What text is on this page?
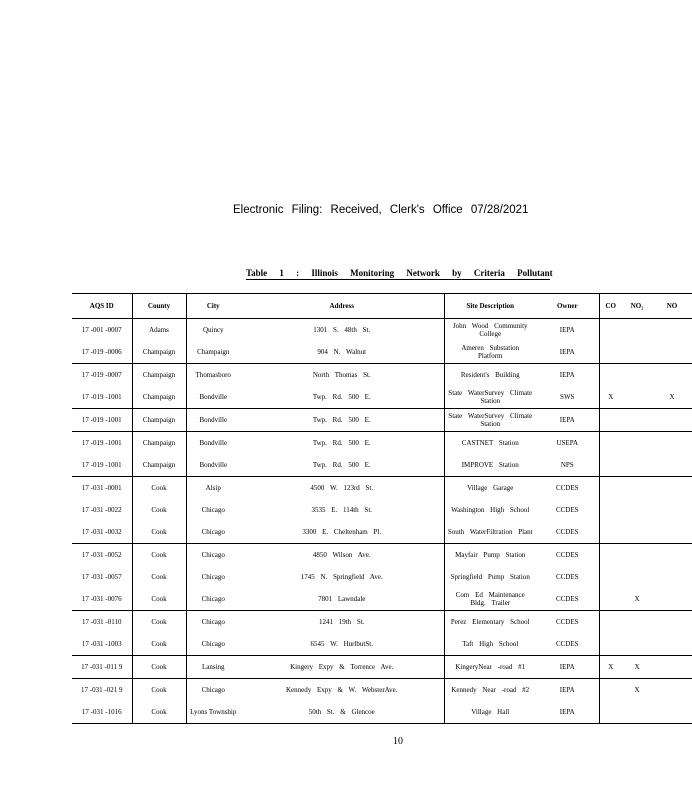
Electronic Filing: Received, Clerk's Office 07/28/2021
Table 1 : Illinois Monitoring Network by Criteria Pollutant
AQS ID	County	City	Address	Site Description	Owner	CO	NO₂	NO
17 -001 -0007	Adams	Quincy	1301 S. 48th St.	John Wood Community College	IEPA			
17 -019 -0006	Champaign	Champaign	904 N. Walnut	Ameren Substation Platform	IEPA			
17 -019 -0007	Champaign	Thomasboro	North Thomas St.	Resident's Building	IEPA			
17 -019 -1001	Champaign	Bondville	Twp. Rd. 500 E.	State WaterSurvey Climate Station	SWS	X		X
17 -019 -1001	Champaign	Bondville	Twp. Rd. 500 E.	State WaterSurvey Climate Station	IEPA			
17 -019 -1001	Champaign	Bondville	Twp. Rd. 500 E.	CASTNET Station	USEPA			
17 -019 -1001	Champaign	Bondville	Twp. Rd. 500 E.	IMPROVE Station	NPS			
17 -031 -0001	Cook	Alsip	4500 W. 123rd St.	Village Garage	CCDES			
17 -031 -0022	Cook	Chicago	3535 E. 114th St.	Washington High School	CCDES			
17 -031 -0032	Cook	Chicago	3300 E. Cheltenham Pl.	South WaterFiltration Plant	CCDES			
17 -031 -0052	Cook	Chicago	4850 Wilson Ave.	Mayfair Pump Station	CCDES			
17 -031 -0057	Cook	Chicago	1745 N. Springfield Ave.	Springfield Pump Station	CCDES			
17 -031 -0076	Cook	Chicago	7801 Lawndale	Com Ed Maintenance Bldg. Trailer	CCDES		X	
17 -031 -0110	Cook	Chicago	1241 19th St.	Perez Elementary School	CCDES			
17 -031 -1003	Cook	Chicago	6545 W. HurlbutSt.	Taft High School	CCDES			
17 -031 -011 9	Cook	Lansing	Kingery Expy & Torrence Ave.	KingeryNear -road #1	IEPA	X	X	
17 -031 -021 9	Cook	Chicago	Kennedy Expy & W. WebsterAve.	Kennedy Near -road #2	IEPA		X	
17 -031 -1016	Cook	Lyons Township	50th St. & Glencoe	Village Hall	IEPA			
10
